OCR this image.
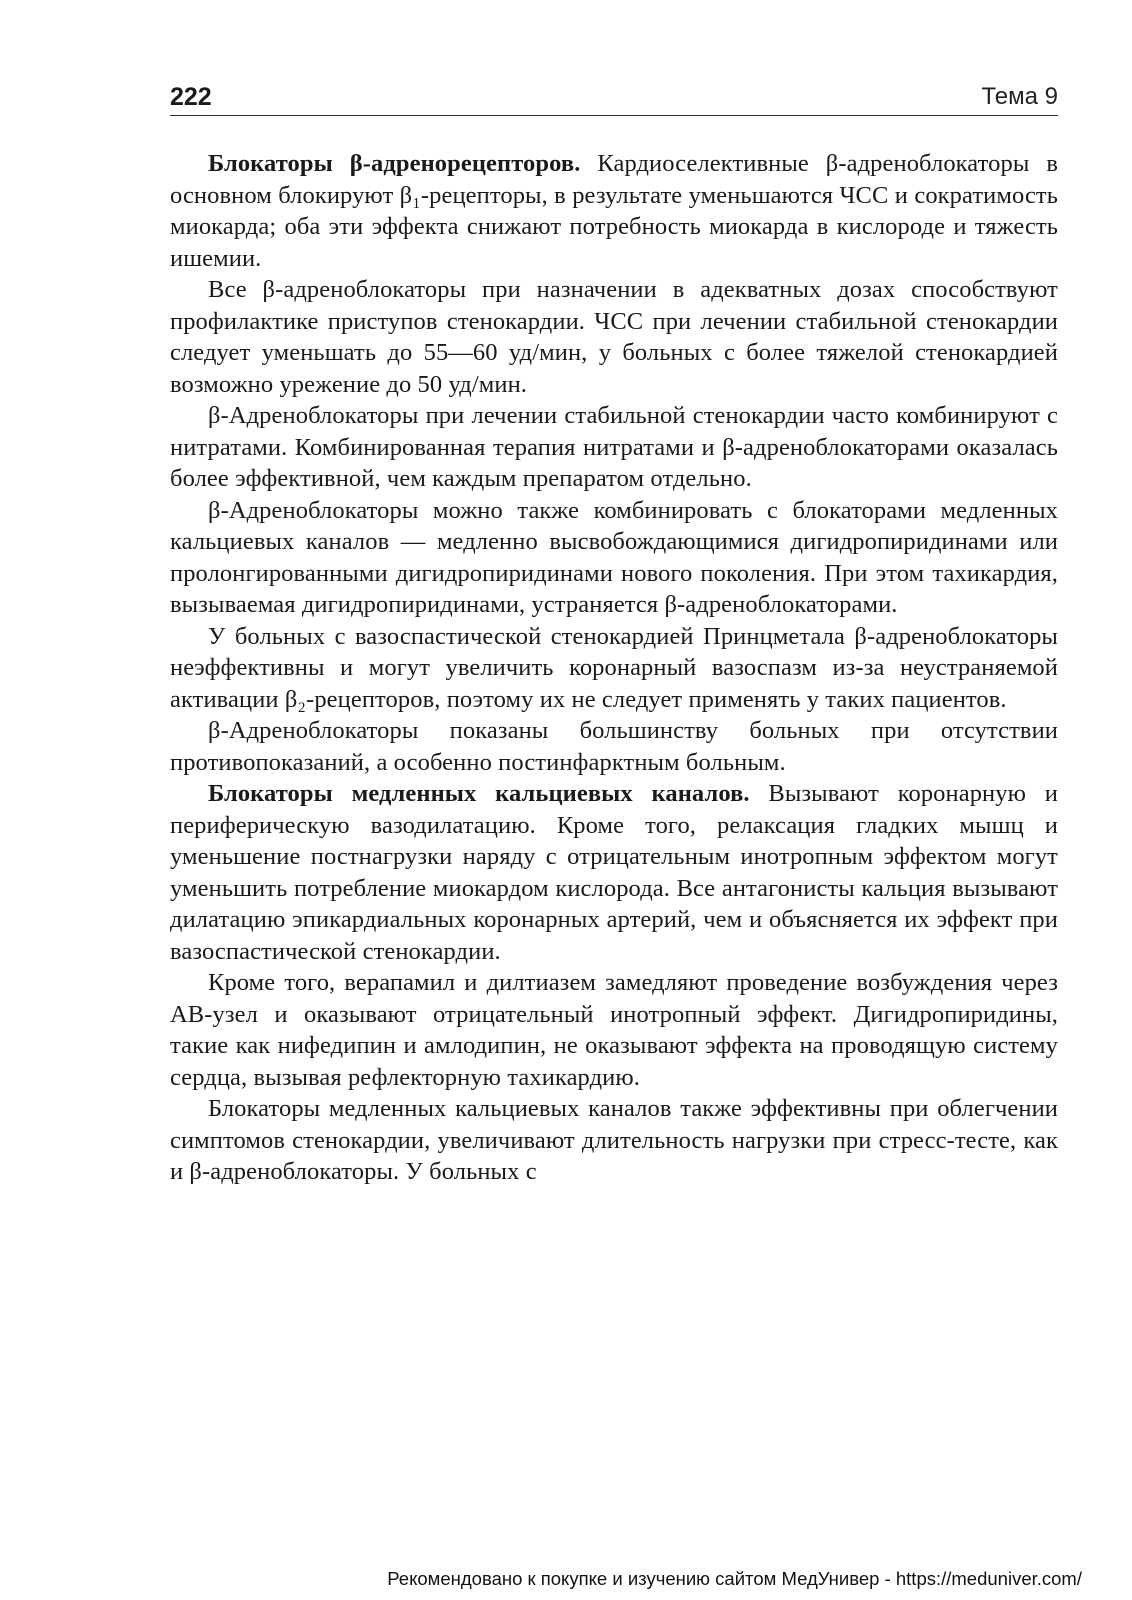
222	Тема 9

Блокаторы β-адренорецепторов. Кардиоселективные β-адреноблокаторы в основном блокируют β₁-рецепторы, в результате уменьшаются ЧСС и сократимость миокарда; оба эти эффекта снижают потребность миокарда в кислороде и тяжесть ишемии.

Все β-адреноблокаторы при назначении в адекватных дозах способствуют профилактике приступов стенокардии. ЧСС при лечении стабильной стенокардии следует уменьшать до 55—60 уд/мин, у больных с более тяжелой стенокардией возможно урежение до 50 уд/мин.

β-Адреноблокаторы при лечении стабильной стенокардии часто комбинируют с нитратами. Комбинированная терапия нитратами и β-адреноблокаторами оказалась более эффективной, чем каждым препаратом отдельно.

β-Адреноблокаторы можно также комбинировать с блокаторами медленных кальциевых каналов — медленно высвобождающимися дигидропиридинами или пролонгированными дигидропиридинами нового поколения. При этом тахикардия, вызываемая дигидропиридинами, устраняется β-адреноблокаторами.

У больных с вазоспастической стенокардией Принцметала β-адреноблокаторы неэффективны и могут увеличить коронарный вазоспазм из-за неустраняемой активации β₂-рецепторов, поэтому их не следует применять у таких пациентов.

β-Адреноблокаторы показаны большинству больных при отсутствии противопоказаний, а особенно постинфарктным больным.

Блокаторы медленных кальциевых каналов. Вызывают коронарную и периферическую вазодилатацию. Кроме того, релаксация гладких мышц и уменьшение постнагрузки наряду с отрицательным инотропным эффектом могут уменьшить потребление миокардом кислорода. Все антагонисты кальция вызывают дилатацию эпикардиальных коронарных артерий, чем и объясняется их эффект при вазоспастической стенокардии.

Кроме того, верапамил и дилтиазем замедляют проведение возбуждения через АВ-узел и оказывают отрицательный инотропный эффект. Дигидропиридины, такие как нифедипин и амлодипин, не оказывают эффекта на проводящую систему сердца, вызывая рефлекторную тахикардию.

Блокаторы медленных кальциевых каналов также эффективны при облегчении симптомов стенокардии, увеличивают длительность нагрузки при стресс-тесте, как и β-адреноблокаторы. У больных с

Рекомендовано к покупке и изучению сайтом МедУнивер - https://meduniver.com/
